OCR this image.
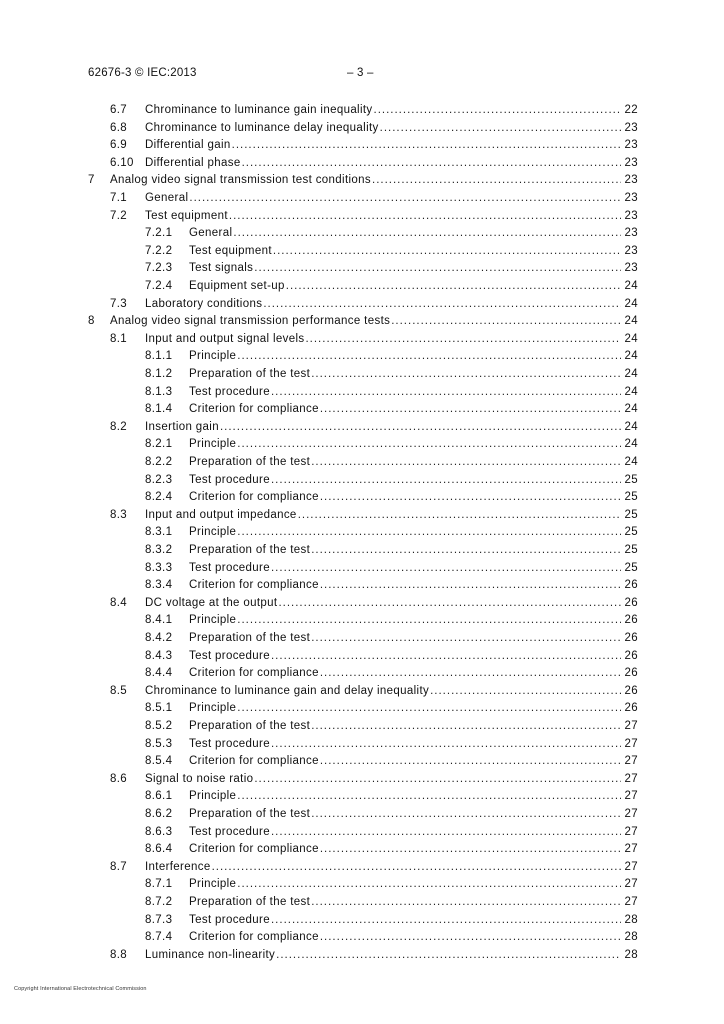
62676-3 © IEC:2013	– 3 –
6.7 Chrominance to luminance gain inequality .....	22
6.8 Chrominance to luminance delay inequality .....	23
6.9 Differential gain .....	23
6.10 Differential phase .....	23
7 Analog video signal transmission test conditions .....	23
7.1 General .....	23
7.2 Test equipment .....	23
7.2.1 General .....	23
7.2.2 Test equipment .....	23
7.2.3 Test signals .....	23
7.2.4 Equipment set-up .....	24
7.3 Laboratory conditions .....	24
8 Analog video signal transmission performance tests .....	24
8.1 Input and output signal levels .....	24
8.1.1 Principle .....	24
8.1.2 Preparation of the test .....	24
8.1.3 Test procedure .....	24
8.1.4 Criterion for compliance .....	24
8.2 Insertion gain .....	24
8.2.1 Principle .....	24
8.2.2 Preparation of the test .....	24
8.2.3 Test procedure .....	25
8.2.4 Criterion for compliance .....	25
8.3 Input and output impedance .....	25
8.3.1 Principle .....	25
8.3.2 Preparation of the test .....	25
8.3.3 Test procedure .....	25
8.3.4 Criterion for compliance .....	26
8.4 DC voltage at the output .....	26
8.4.1 Principle .....	26
8.4.2 Preparation of the test .....	26
8.4.3 Test procedure .....	26
8.4.4 Criterion for compliance .....	26
8.5 Chrominance to luminance gain and delay inequality .....	26
8.5.1 Principle .....	26
8.5.2 Preparation of the test .....	27
8.5.3 Test procedure .....	27
8.5.4 Criterion for compliance .....	27
8.6 Signal to noise ratio .....	27
8.6.1 Principle .....	27
8.6.2 Preparation of the test .....	27
8.6.3 Test procedure .....	27
8.6.4 Criterion for compliance .....	27
8.7 Interference .....	27
8.7.1 Principle .....	27
8.7.2 Preparation of the test .....	27
8.7.3 Test procedure .....	28
8.7.4 Criterion for compliance .....	28
8.8 Luminance non-linearity .....	28
Copyright International Electrotechnical Commission
